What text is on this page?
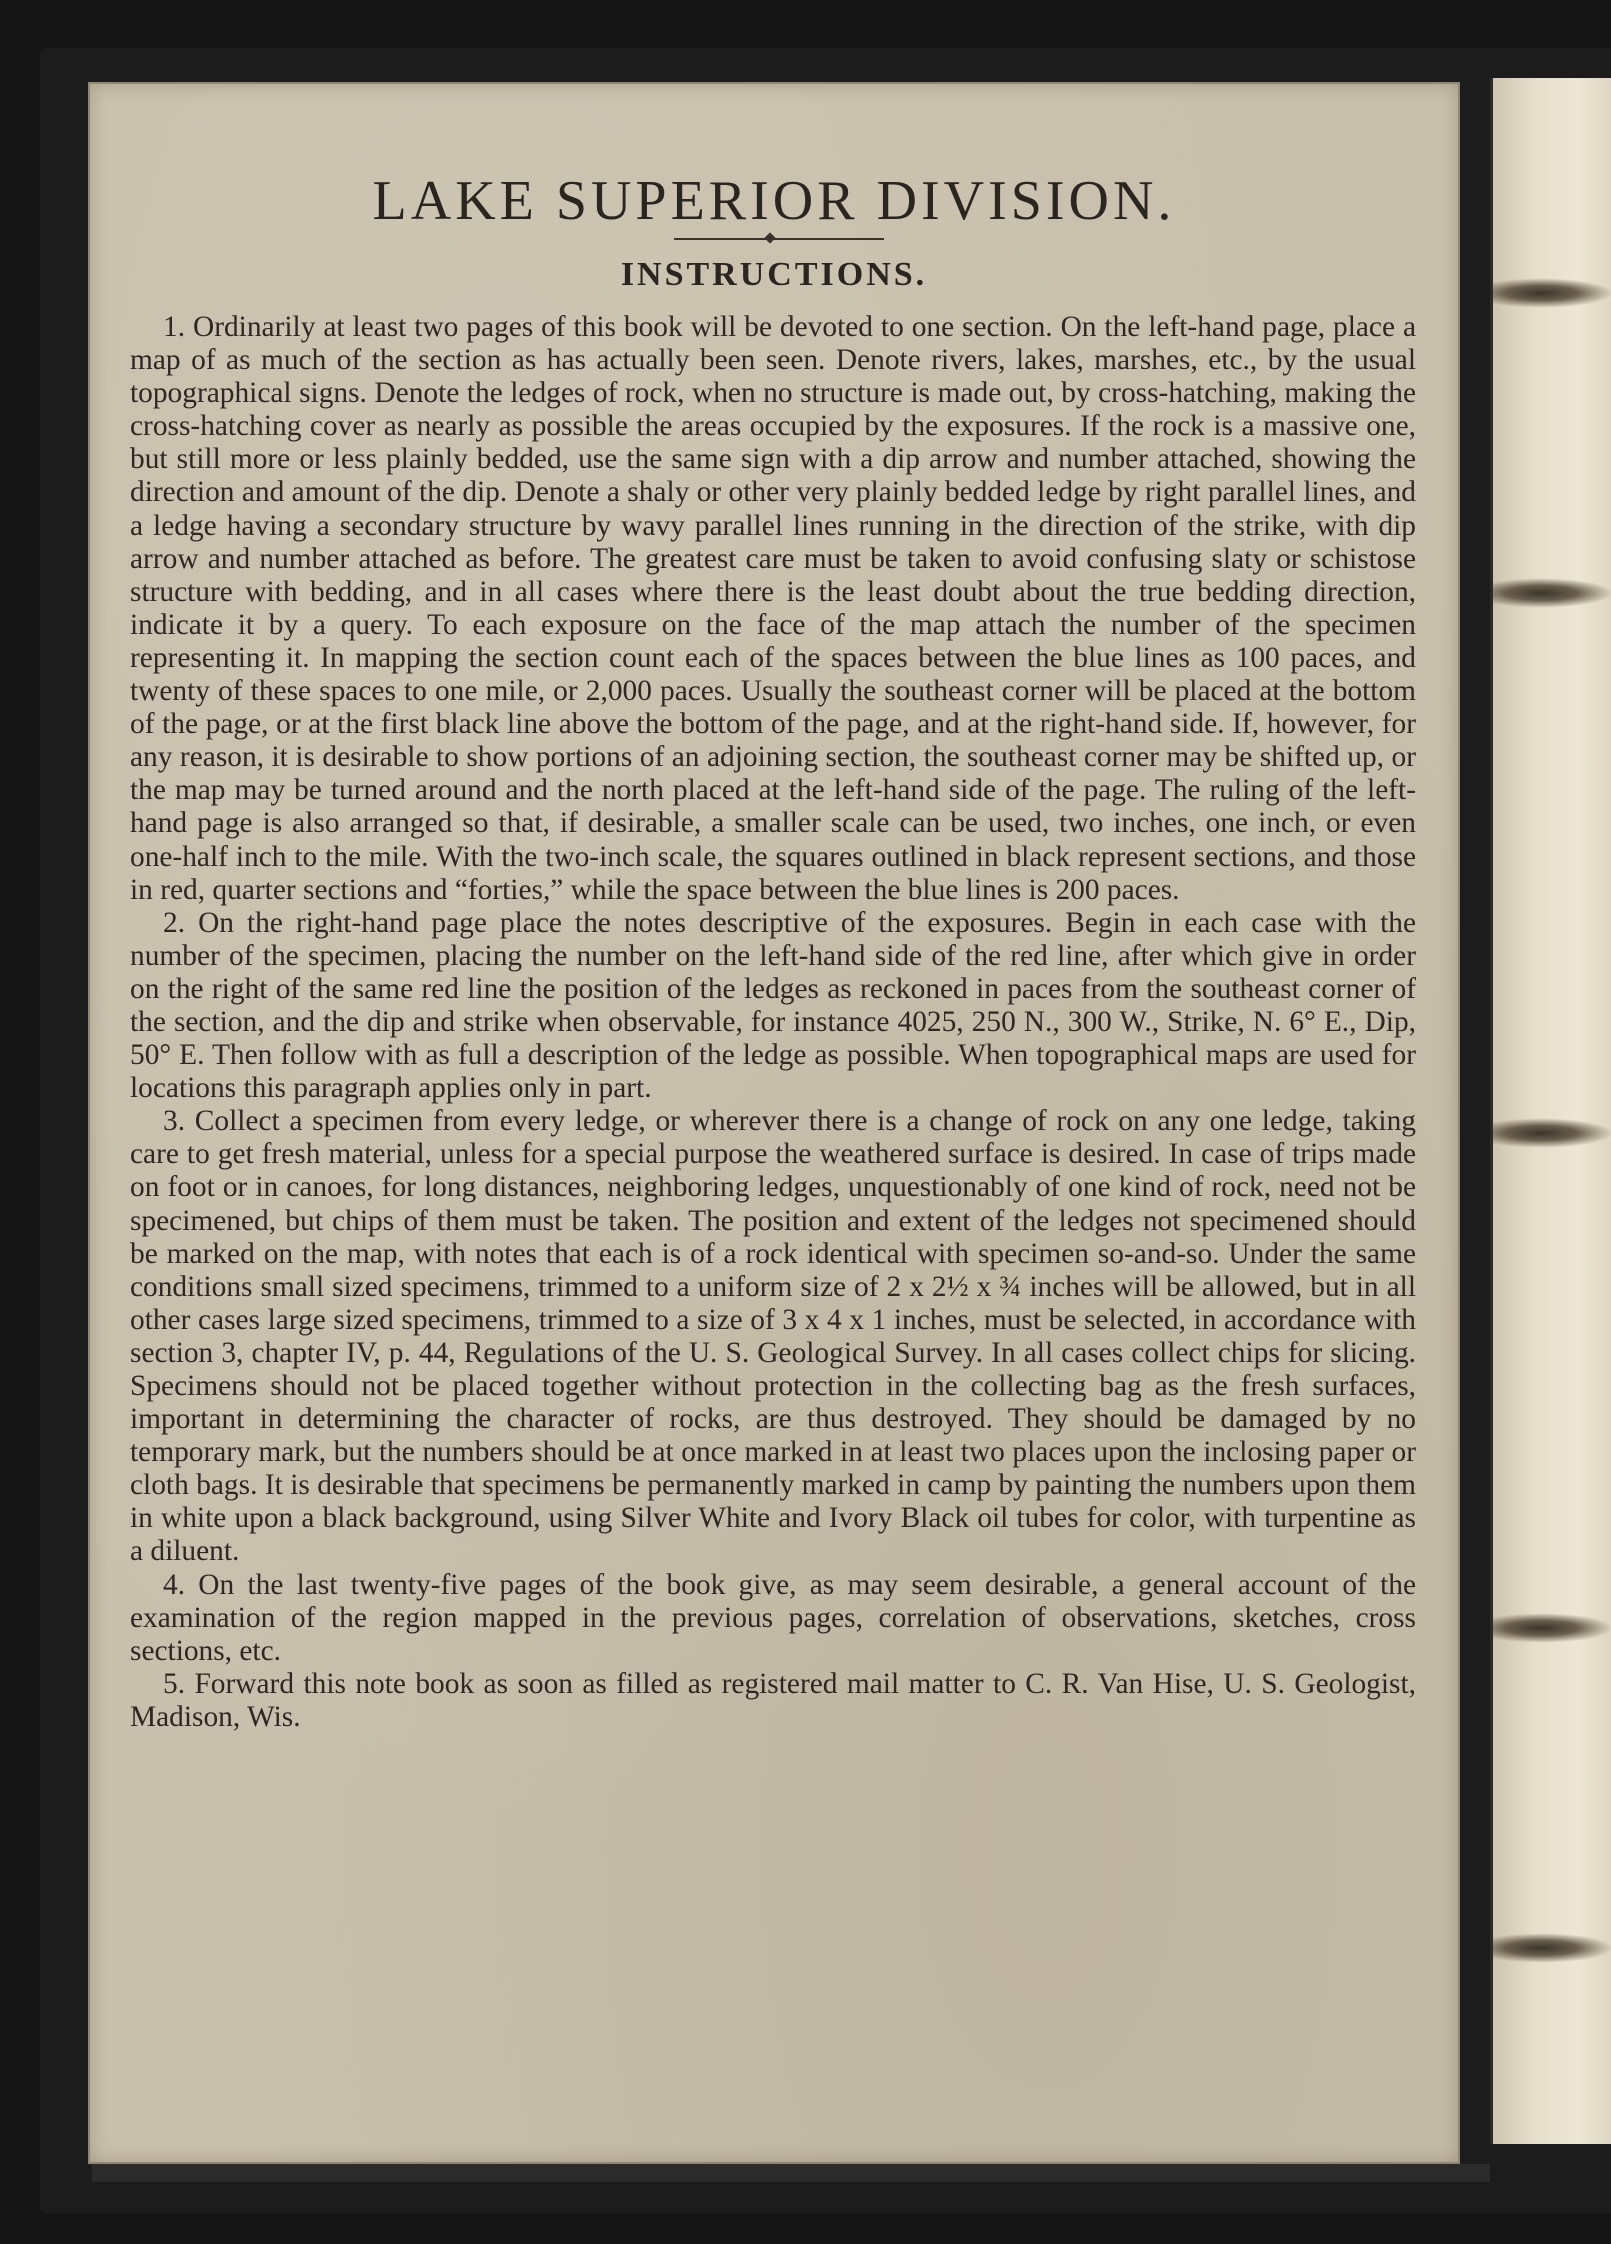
LAKE SUPERIOR DIVISION.
INSTRUCTIONS.

1. Ordinarily at least two pages of this book will be devoted to one section. On the left-hand page, place a map of as much of the section as has actually been seen. Denote rivers, lakes, marshes, etc., by the usual topographical signs. Denote the ledges of rock, when no structure is made out, by cross-hatching, making the cross-hatching cover as nearly as possible the areas occupied by the exposures. If the rock is a massive one, but still more or less plainly bedded, use the same sign with a dip arrow and number attached, showing the direction and amount of the dip. Denote a shaly or other very plainly bedded ledge by right parallel lines, and a ledge having a secondary structure by wavy parallel lines running in the direction of the strike, with dip arrow and number attached as before. The greatest care must be taken to avoid confusing slaty or schistose structure with bedding, and in all cases where there is the least doubt about the true bedding direction, indicate it by a query. To each exposure on the face of the map attach the number of the specimen representing it. In mapping the section count each of the spaces between the blue lines as 100 paces, and twenty of these spaces to one mile, or 2,000 paces. Usually the southeast corner will be placed at the bottom of the page, or at the first black line above the bottom of the page, and at the right-hand side. If, however, for any reason, it is desirable to show portions of an adjoining section, the southeast corner may be shifted up, or the map may be turned around and the north placed at the left-hand side of the page. The ruling of the left-hand page is also arranged so that, if desirable, a smaller scale can be used, two inches, one inch, or even one-half inch to the mile. With the two-inch scale, the squares outlined in black represent sections, and those in red, quarter sections and “forties,” while the space between the blue lines is 200 paces.

2. On the right-hand page place the notes descriptive of the exposures. Begin in each case with the number of the specimen, placing the number on the left-hand side of the red line, after which give in order on the right of the same red line the position of the ledges as reckoned in paces from the southeast corner of the section, and the dip and strike when observable, for instance 4025, 250 N., 300 W., Strike, N. 6° E., Dip, 50° E. Then follow with as full a description of the ledge as possible. When topographical maps are used for locations this paragraph applies only in part.

3. Collect a specimen from every ledge, or wherever there is a change of rock on any one ledge, taking care to get fresh material, unless for a special purpose the weathered surface is desired. In case of trips made on foot or in canoes, for long distances, neighboring ledges, unquestionably of one kind of rock, need not be specimened, but chips of them must be taken. The position and extent of the ledges not specimened should be marked on the map, with notes that each is of a rock identical with specimen so-and-so. Under the same conditions small sized specimens, trimmed to a uniform size of 2 x 2½ x ¾ inches will be allowed, but in all other cases large sized specimens, trimmed to a size of 3 x 4 x 1 inches, must be selected, in accordance with section 3, chapter IV, p. 44, Regulations of the U. S. Geological Survey. In all cases collect chips for slicing. Specimens should not be placed together without protection in the collecting bag as the fresh surfaces, important in determining the character of rocks, are thus destroyed. They should be damaged by no temporary mark, but the numbers should be at once marked in at least two places upon the inclosing paper or cloth bags. It is desirable that specimens be permanently marked in camp by painting the numbers upon them in white upon a black background, using Silver White and Ivory Black oil tubes for color, with turpentine as a diluent.

4. On the last twenty-five pages of the book give, as may seem desirable, a general account of the examination of the region mapped in the previous pages, correlation of observations, sketches, cross sections, etc.

5. Forward this note book as soon as filled as registered mail matter to C. R. Van Hise, U. S. Geologist, Madison, Wis.
